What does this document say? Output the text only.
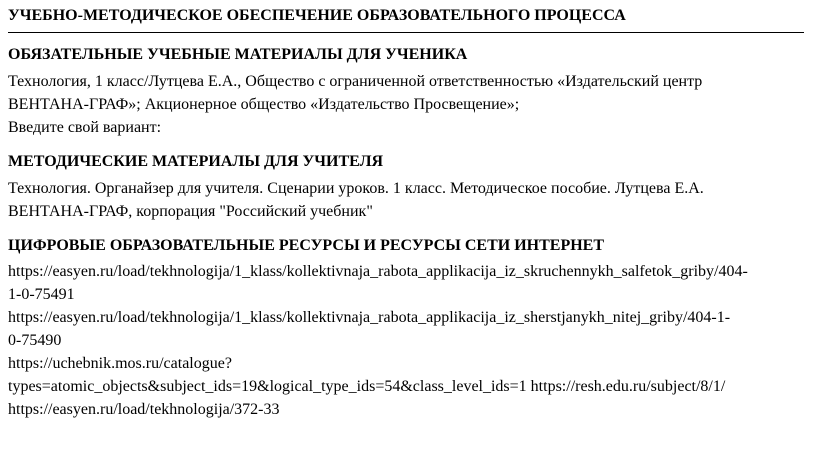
УЧЕБНО-МЕТОДИЧЕСКОЕ ОБЕСПЕЧЕНИЕ ОБРАЗОВАТЕЛЬНОГО ПРОЦЕССА
ОБЯЗАТЕЛЬНЫЕ УЧЕБНЫЕ МАТЕРИАЛЫ ДЛЯ УЧЕНИКА
Технология, 1 класс/Лутцева Е.А., Общество с ограниченной ответственностью «Издательский центр
ВЕНТАНА-ГРАФ»; Акционерное общество «Издательство Просвещение»;
Введите свой вариант:
МЕТОДИЧЕСКИЕ МАТЕРИАЛЫ ДЛЯ УЧИТЕЛЯ
Технология. Органайзер для учителя. Сценарии уроков. 1 класс. Методическое пособие. Лутцева Е.А.
ВЕНТАНА-ГРАФ, корпорация "Российский учебник"
ЦИФРОВЫЕ ОБРАЗОВАТЕЛЬНЫЕ РЕСУРСЫ И РЕСУРСЫ СЕТИ ИНТЕРНЕТ
https://easyen.ru/load/tekhnologija/1_klass/kollektivnaja_rabota_applikacija_iz_skruchennykh_salfetok_griby/404-
1-0-75491
https://easyen.ru/load/tekhnologija/1_klass/kollektivnaja_rabota_applikacija_iz_sherstjanykh_nitej_griby/404-1-
0-75490
https://uchebnik.mos.ru/catalogue?
types=atomic_objects&subject_ids=19&logical_type_ids=54&class_level_ids=1 https://resh.edu.ru/subject/8/1/
https://easyen.ru/load/tekhnologija/372-33
